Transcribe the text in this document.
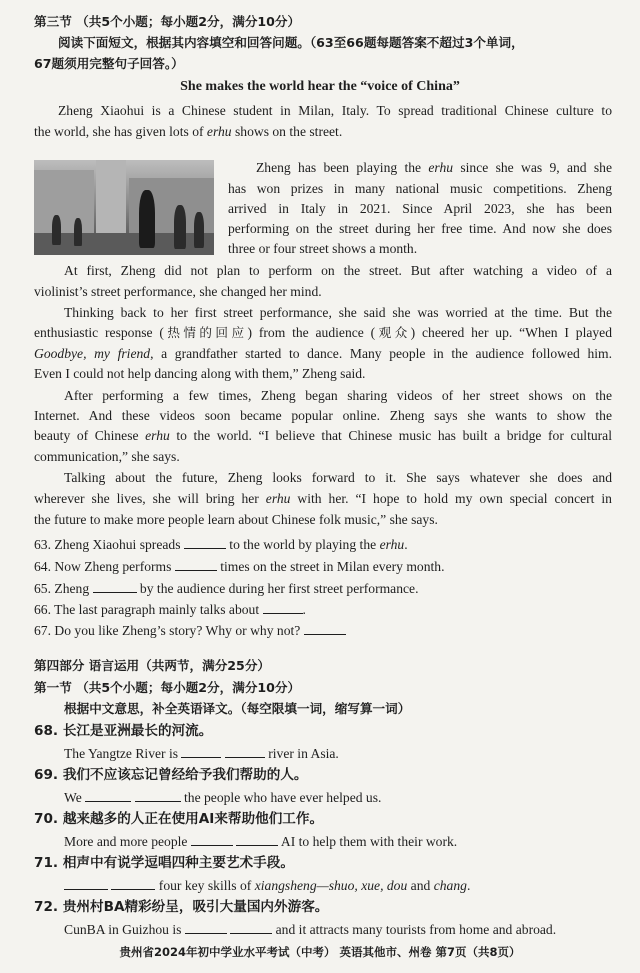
第三节 （共5个小题；每小题2分，满分10分）
阅读下面短文，根据其内容填空和回答问题。（63至66题每题答案不超过3个单词，
67题须用完整句子回答。）
She makes the world hear the “voice of China”
Zheng Xiaohui is a Chinese student in Milan, Italy. To spread traditional Chinese culture to
the world, she has given lots of erhu shows on the street.
Zheng has been playing the erhu since she was 9, and she
has won prizes in many national music competitions. Zheng
arrived in Italy in 2021. Since April 2023, she has been
performing on the street during her free time. And now she does
three or four street shows a month.
At first, Zheng did not plan to perform on the street. But after watching a video of a
violinist’s street performance, she changed her mind.
Thinking back to her first street performance, she said she was worried at the time. But the
enthusiastic response (热情的回应) from the audience (观众) cheered her up. “When I played
Goodbye, my friend, a grandfather started to dance. Many people in the audience followed him.
Even I could not help dancing along with them,” Zheng said.
After performing a few times, Zheng began sharing videos of her street shows on the
Internet. And these videos soon became popular online. Zheng says she wants to show the
beauty of Chinese erhu to the world. “I believe that Chinese music has built a bridge for cultural
communication,” she says.
Talking about the future, Zheng looks forward to it. She says whatever she does and
wherever she lives, she will bring her erhu with her. “I hope to hold my own special concert in
the future to make more people learn about Chinese folk music,” she says.
63. Zheng Xiaohui spreads	to the world by playing the erhu.
64. Now Zheng performs	times on the street in Milan every month.
65. Zheng	by the audience during her first street performance.
66. The last paragraph mainly talks about	.
67. Do you like Zheng’s story? Why or why not?
第四部分 语言运用（共两节，满分25分）
第一节 （共5个小题；每小题2分，满分10分）
根据中文意思，补全英语译文。（每空限填一词，缩写算一词）
68. 长江是亚洲最长的河流。
The Yangtze River is	river in Asia.
69. 我们不应该忘记曾经给予我们帮助的人。
We	the people who have ever helped us.
70. 越来越多的人正在使用AI来帮助他们工作。
More and more people	AI to help them with their work.
71. 相声中有说学逗唱四种主要艺术手段。
four key skills of xiangsheng—shuo, xue, dou and chang.
72. 贵州村BA精彩纷呈，吸引大量国内外游客。
CunBA in Guizhou is	and it attracts many tourists from home and abroad.
贵州省2024年初中学业水平考试（中考） 英语其他市、州卷 第7页（共8页）
